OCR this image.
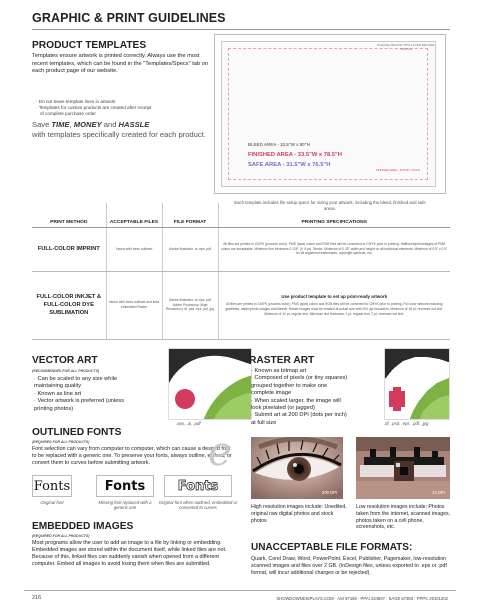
GRAPHIC & PRINT GUIDELINES
PRODUCT TEMPLATES
Templates ensure artwork is printed correctly. Always use the most recent templates, which can be found in the "Templates/Specs" tab on each product page of our website.
· Do not leave template lines in artwork
· Templates for custom products are created after receipt
of complete purchase order
Save TIME, MONEY and HASSLE
with templates specifically created for each product.
BLEED AREA - 33.5"W x 80"H
FINISHED AREA - 33.5"W x 78.5"H
SAFE AREA - 31.5"W x 76.5"H
PLEASE DELETE THIS LAYER BEFORE SAVING
FINISHED AREA - 33.5"W x 78.5"H
Each template includes file setup specs for sizing your artwork, including the bleed, finished and safe areas.
PRINT METHOD	ACCEPTABLE FILES	FILE FORMAT	PRINTING SPECIFICATIONS
FULL-COLOR IMPRINT	Vector with fonts outlined	Adobe Illustrator .ai .eps .pdf	All files are printed in CMYK (process color). PMS (spot) colors and RGB files will be converted to CMYK prior to printing. Halftones/percentages of PMS colors are acceptable. Minimum line thickness 0.125" (9 .8 pt). Stroke. Minimum of 0.25" width and height on all individual elements. Minimum of 0.5" x 0.5" for all registered trademarks, copyright symbols, etc.
FULL-COLOR INKJET & FULL-COLOR DYE SUBLIMATION	Vector with fonts outlined and links embedded Raster	Adobe Illustrator .ai .eps .pdf Adobe Photoshop (High Resolution) .tif .psd .eps .pdf .jpg	Use product template to set up print-ready artwork
All files are printed in CMYK (process color). PMS (spot) colors and RGB files will be converted to CMYK prior to printing. Full color artwork including gradients, raster/photo images and bleeds. Raster images must be created at actual size with 200 dpi resolution. Minimum of 18 pt. reversed out text. Minimum of 10 pt. regular text. Minimum line thickness: 1 pt. regular text, 2 pt. reversed out text.
VECTOR ART
(RECOMMENDED FOR ALL PRODUCTS)
· Can be scaled to any size while
maintaining quality
· Known as line art
· Vector artwork is preferred (unless
printing photos)
.eps, .ai, .pdf
RASTER ART
· Known as bitmap art
· Composed of pixels (or tiny squares)
grouped together to make one
complete image
· When scaled larger, the image will
look pixelated (or jagged)
· Submit art at 200 DPI (dots per inch)
at full size	.tif, .psd, .eps, .pdf, .jpg
OUTLINED FONTS
(REQUIRED FOR ALL PRODUCTS)
Font selection can vary from computer to computer, which can cause a desired font to be replaced with a generic one. To preserve your fonts, always outline, embed, or convert them to curves before submitting artwork.	e
Fonts	Fonts	Fonts
Original font	Missing font replaced with a generic one
Original font when outlined, embedded or converted to curves
EMBEDDED IMAGES
(REQUIRED FOR ALL PRODUCTS)
Most programs allow the user to add an image to a file by linking or embedding. Embedded images are stored within the document itself, while linked files are not. Because of this, linked files can suddenly vanish when opened from a different computer. Embed all images to avoid losing them when files are submitted.
200 DPI	10 DPI
High resolution images include: Unedited, original raw digital photos and stock photos
Low resolution images include: Photos taken from the internet, scanned images, photos taken on a cell phone, screenshots, etc.
UNACCEPTABLE FILE FORMATS:
Quark, Corel Draw, Word, PowerPoint, Excel, Publisher, Pagemaker, low-resolution scanned images and files over 2 GB. (InDesign files, unless exported to .eps or .pdf format, will incur additional charges or be rejected).
216	SHOWDOWNDISPLAYS.COM · ASI 87185 · PPAI 234697 · SAGE 67383 · PPPC 20101202
